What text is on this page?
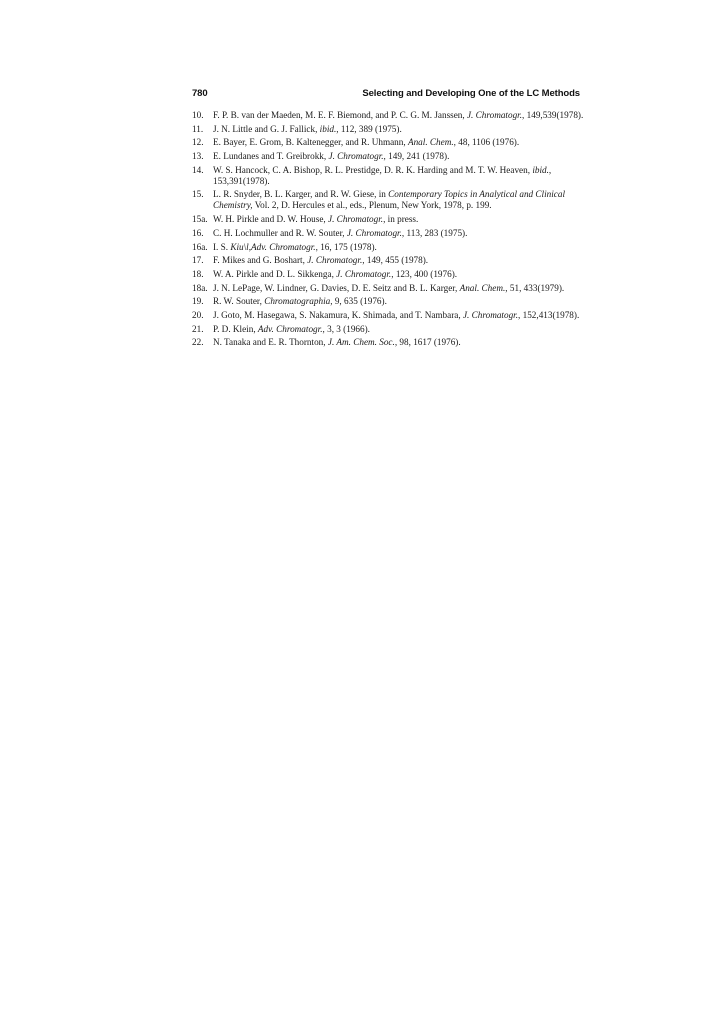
780	Selecting and Developing One of the LC Methods
10.	F. P. B. van der Maeden, M. E. F. Biemond, and P. C. G. M. Janssen, J. Chromatogr., 149,539(1978).
11.	J. N. Little and G. J. Fallick, ibid., 112, 389 (1975).
12.	E. Bayer, E. Grom, B. Kaltenegger, and R. Uhmann, Anal. Chem., 48, 1106 (1976).
13.	E. Lundanes and T. Greibrokk, J. Chromatogr., 149, 241 (1978).
14.	W. S. Hancock, C. A. Bishop, R. L. Prestidge, D. R. K. Harding and M. T. W. Heaven, ibid., 153,391(1978).
15.	L. R. Snyder, B. L. Karger, and R. W. Giese, in Contemporary Topics in Analytical and Clinical Chemistry, Vol. 2, D. Hercules et al., eds., Plenum, New York, 1978, p. 199.
15a. W. H. Pirkle and D. W. House, J. Chromatogr., in press.
16.	C. H. Lochmuller and R. W. Souter, J. Chromatogr., 113, 283 (1975).
16a. I. S. Kiu\l,Adv. Chromatogr., 16, 175 (1978).
17.	F. Mikes and G. Boshart, J. Chromatogr., 149, 455 (1978).
18.	W. A. Pirkle and D. L. Sikkenga, J. Chromatogr., 123, 400 (1976).
18a. J. N. LePage, W. Lindner, G. Davies, D. E. Seitz and B. L. Karger, Anal. Chem., 51, 433(1979).
19.	R. W. Souter, Chromatographia, 9, 635 (1976).
20.	J. Goto, M. Hasegawa, S. Nakamura, K. Shimada, and T. Nambara, J. Chromatogr., 152,413(1978).
21.	P. D. Klein, Adv. Chromatogr., 3, 3 (1966).
22.	N. Tanaka and E. R. Thornton, J. Am. Chem. Soc., 98, 1617 (1976).
